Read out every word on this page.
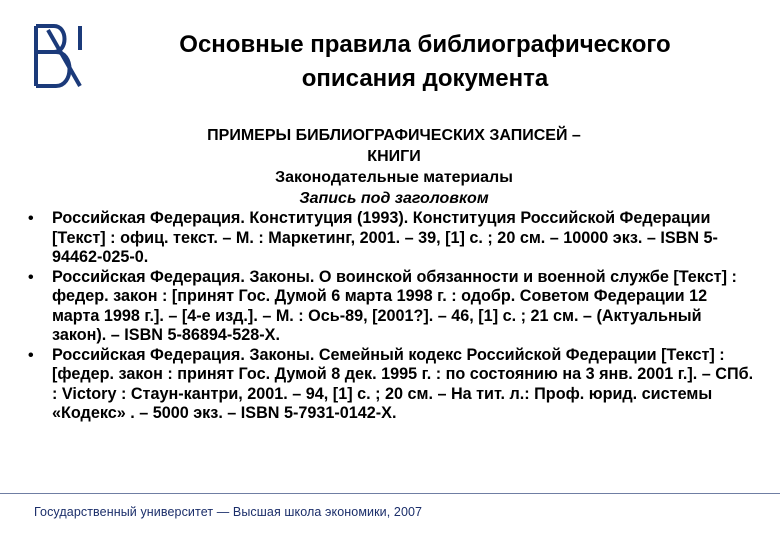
Основные правила библиографического
описания документа
ПРИМЕРЫ БИБЛИОГРАФИЧЕСКИХ ЗАПИСЕЙ –
КНИГИ
Законодательные материалы
Запись под заголовком
• Российская Федерация. Конституция (1993). Конституция Российской Федерации [Текст] : офиц. текст. – М. : Маркетинг, 2001. – 39, [1] с. ; 20 см. – 10000 экз. – ISBN 5-94462-025-0.
• Российская Федерация. Законы. О воинской обязанности и военной службе [Текст] : федер. закон : [принят Гос. Думой 6 марта 1998 г. : одобр. Советом Федерации 12 марта 1998 г.]. – [4-е изд.]. – М. : Ось-89, [2001?]. – 46, [1] с. ; 21 см. – (Актуальный закон). – ISBN 5-86894-528-X.
• Российская Федерация. Законы. Семейный кодекс Российской Федерации [Текст] : [федер. закон : принят Гос. Думой 8 дек. 1995 г. : по состоянию на 3 янв. 2001 г.]. – СПб. : Victory : Стаун-кантри, 2001. – 94, [1] с. ; 20 см. – На тит. л.: Проф. юрид. системы «Кодекс» . – 5000 экз. – ISBN 5-7931-0142-X.
Государственный университет — Высшая школа экономики, 2007
